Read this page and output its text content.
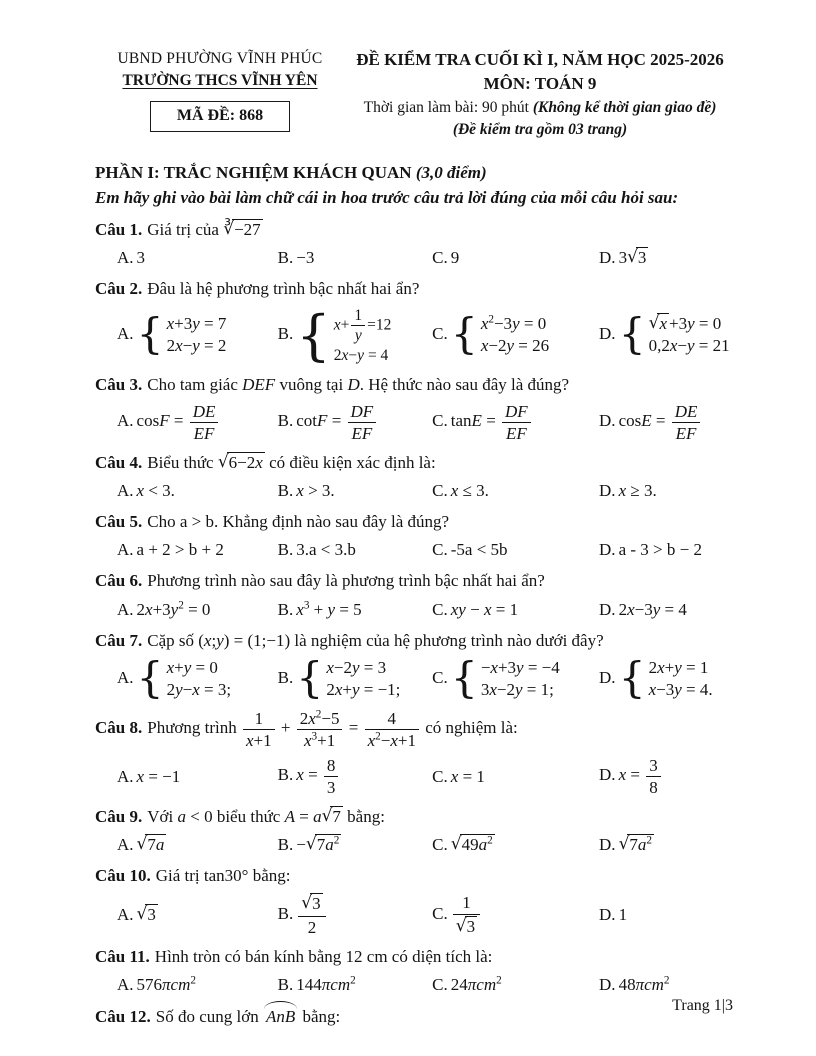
UBND PHƯỜNG VĨNH PHÚC
TRƯỜNG THCS VĨNH YÊN
MÃ ĐỀ: 868
ĐỀ KIỂM TRA CUỐI KÌ I, NĂM HỌC 2025-2026
MÔN: TOÁN 9
Thời gian làm bài: 90 phút (Không kể thời gian giao đề)
(Đề kiểm tra gồm 03 trang)
PHẦN I: TRẮC NGHIỆM KHÁCH QUAN (3,0 điểm)
Em hãy ghi vào bài làm chữ cái in hoa trước câu trả lời đúng của mỗi câu hỏi sau:
Câu 1. Giá trị của ∛ −27
A. 3	B. −3	C. 9	D. 3 √ 3
Câu 2. Đâu là hệ phương trình bậc nhất hai ẩn?
A.
{ x+3y = 7
2x−y = 2
B.	{ $x+ \frac{1}{y} =12$
2x−y = 4
C.
{ $x^2-3y = 0$
x−2y = 26
D.
{ √ x +3y = 0
0,2x−y = 21
Câu 3. Cho tam giác DEF vuông tại D. Hệ thức nào sau đây là đúng?
A. $\cos F = \frac{DE}{EF}$	B. $\cot F = \frac{DF}{EF}$	C. $\tan E = \frac{DF}{EF}$	D. $\cos E = \frac{DE}{EF}$
Câu 4. Biểu thức √ 6−2x có điều kiện xác định là:
A. x < 3.	B. x > 3.	C. x ≤ 3.	D. x ≥ 3.
Câu 5. Cho a > b. Khẳng định nào sau đây là đúng?
A. a + 2 > b + 2	B. 3.a < 3.b	C. -5a < 5b	D. a - 3 > b − 2
Câu 6. Phương trình nào sau đây là phương trình bậc nhất hai ẩn?
A. $2x+3y^2 = 0$	B. $x^3 + y = 5$	C. xy − x = 1	D. 2x−3y = 4
Câu 7. Cặp số (x;y) = (1;−1) là nghiệm của hệ phương trình nào dưới đây?
A.
{ x+y = 0
2y−x = 3;
B.
{ x−2y = 3
2x+y = −1;
C.
{ −x+3y = −4
3x−2y = 1;
D.
{ 2x+y = 1
x−3y = 4.
Câu 8. Phương trình $\frac{1}{x+1} + \frac{2x^2-5}{x^3+1} = \frac{4}{x^2-x+1}$ có nghiệm là:
A. x = −1	B. $x = \frac{8}{3}$	C. x = 1	D. $x = \frac{3}{8}$
Câu 9. Với a < 0 biểu thức A = a √ 7 bằng:
A. √ 7a	B. − √ $7a^2$	C. √ $49a^2$	D. √ $7a^2$
Câu 10. Giá trị tan30° bằng:
A. √ 3	B. √ $\frac{3}{2}$	C. 1
√ 3	D. 1
Câu 11. Hình tròn có bán kính bằng 12 cm có diện tích là:
A. 576πcm$^2$	B. 144πcm$^2$	C. 24πcm$^2$	D. 48πcm$^2$
Câu 12. Số đo cung lớn AnB bằng:
Trang 1|3
